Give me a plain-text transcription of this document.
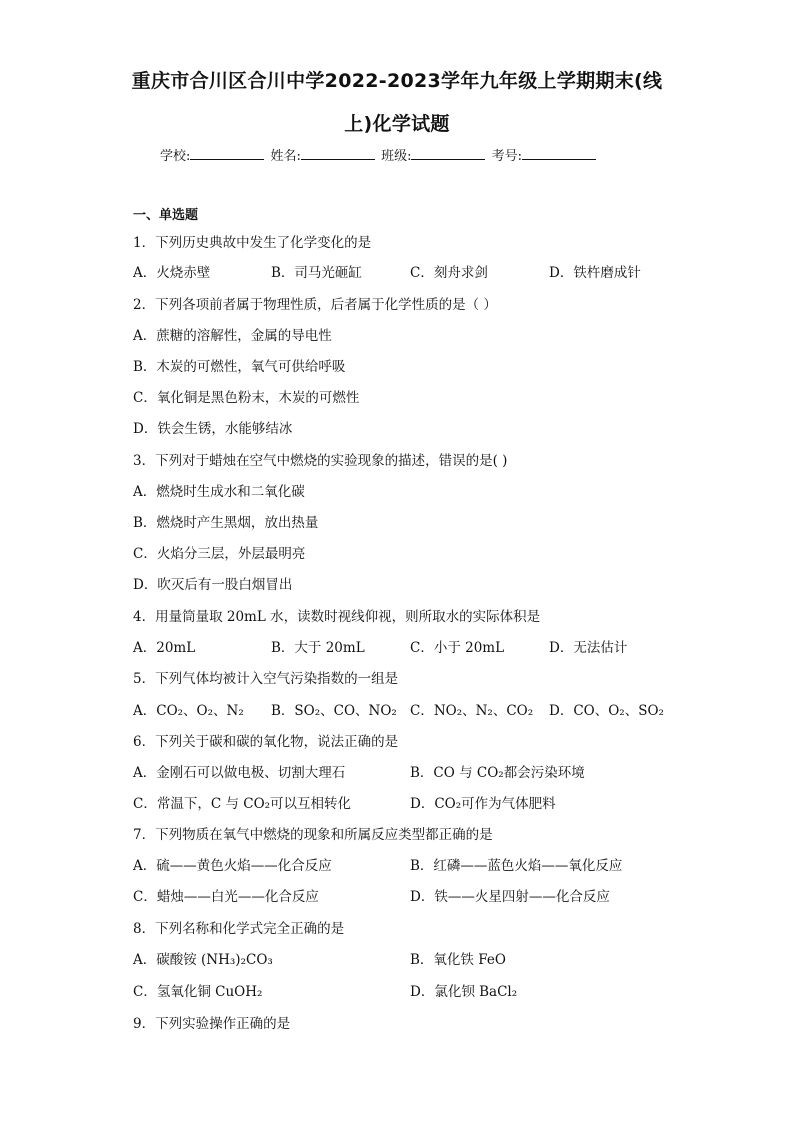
重庆市合川区合川中学2022-2023学年九年级上学期期末(线
上)化学试题
学校:	姓名:	班级:	考号:
一、单选题
1．下列历史典故中发生了化学变化的是
A．火烧赤壁	B．司马光砸缸	C．刻舟求剑	D．铁杵磨成针
2．下列各项前者属于物理性质，后者属于化学性质的是（ ）
A．蔗糖的溶解性，金属的导电性
B．木炭的可燃性，氧气可供给呼吸
C．氧化铜是黑色粉末，木炭的可燃性
D．铁会生锈，水能够结冰
3．下列对于蜡烛在空气中燃烧的实验现象的描述，错误的是( )
A．燃烧时生成水和二氧化碳
B．燃烧时产生黑烟，放出热量
C．火焰分三层，外层最明亮
D．吹灭后有一股白烟冒出
4．用量筒量取 20mL 水，读数时视线仰视，则所取水的实际体积是
A．20mL	B．大于 20mL	C．小于 20mL	D．无法估计
5．下列气体均被计入空气污染指数的一组是
A．CO₂、O₂、N₂ B．SO₂、CO、NO₂ C．NO₂、N₂、CO₂ D．CO、O₂、SO₂
6．下列关于碳和碳的氧化物，说法正确的是
A．金刚石可以做电极、切割大理石	B．CO 与 CO₂都会污染环境
C．常温下，C 与 CO₂可以互相转化	D．CO₂可作为气体肥料
7．下列物质在氧气中燃烧的现象和所属反应类型都正确的是
A．硫——黄色火焰——化合反应	B．红磷——蓝色火焰——氧化反应
C．蜡烛——白光——化合反应	D．铁——火星四射——化合反应
8．下列名称和化学式完全正确的是
A．碳酸铵 (NH₃)₂CO₃	B．氧化铁 FeO
C．氢氧化铜 CuOH₂	D．氯化钡 BaCl₂
9．下列实验操作正确的是
